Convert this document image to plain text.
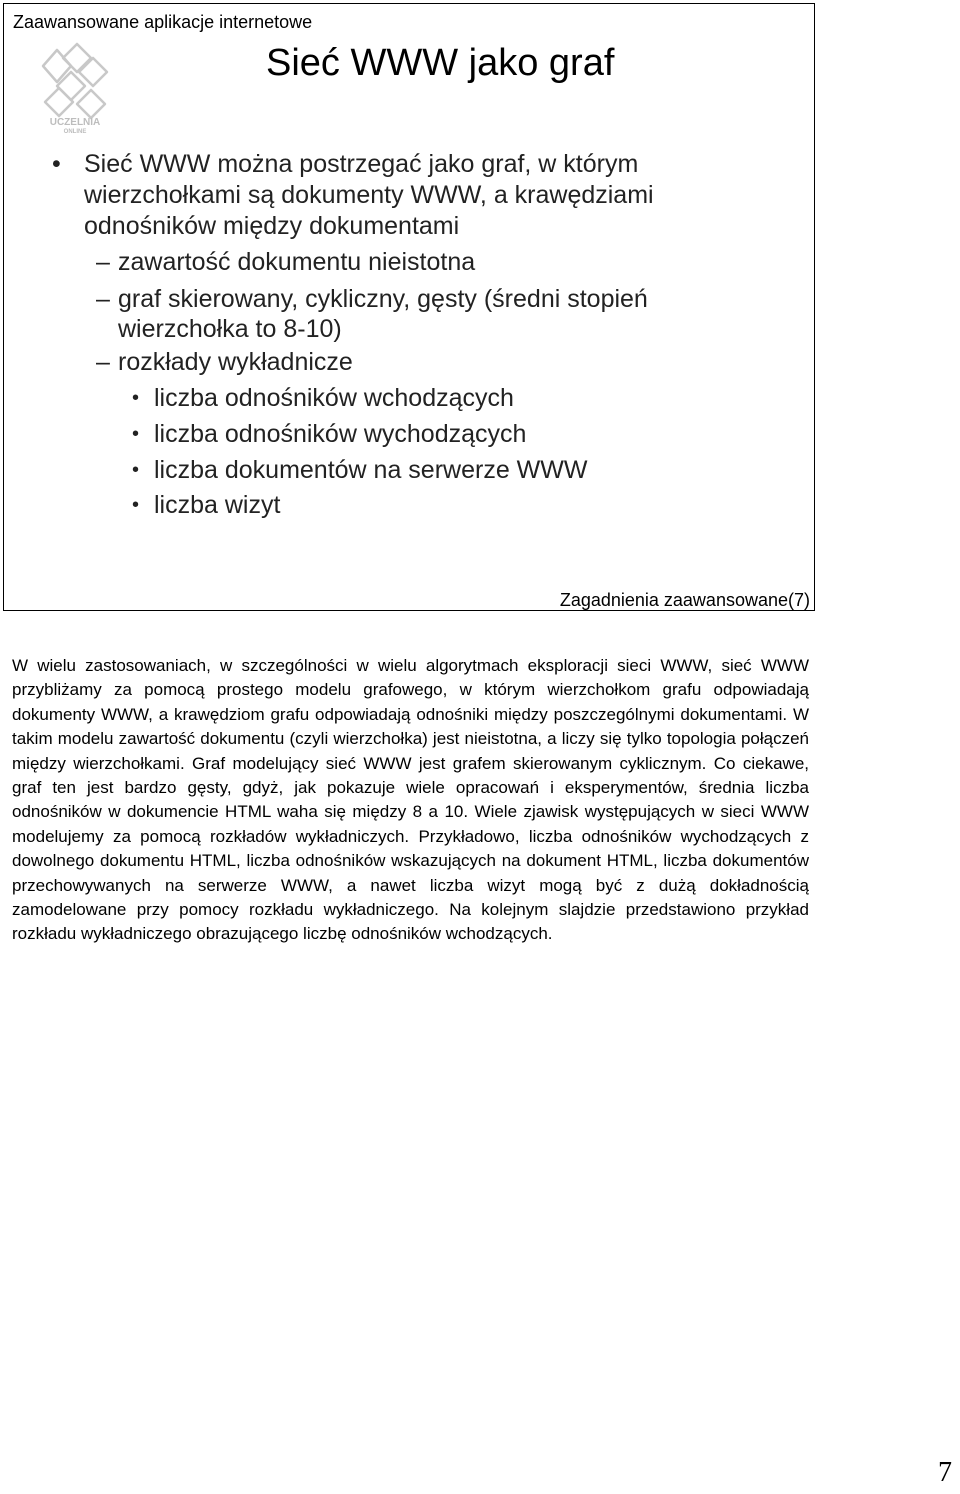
Zaawansowane aplikacje internetowe
UCZELNIA
ONLINE
Sieć WWW jako graf
• Sieć WWW można postrzegać jako graf, w którym
wierzchołkami są dokumenty WWW, a krawędziami
odnośników między dokumentami
– zawartość dokumentu nieistotna
– graf skierowany, cykliczny, gęsty (średni stopień
wierzchołka to 8-10)
– rozkłady wykładnicze
• liczba odnośników wchodzących
• liczba odnośników wychodzących
• liczba dokumentów na serwerze WWW
• liczba wizyt
Zagadnienia zaawansowane(7)

W wielu zastosowaniach, w szczególności w wielu algorytmach eksploracji sieci WWW, sieć WWW przybliżamy za pomocą prostego modelu grafowego, w którym wierzchołkom grafu odpowiadają dokumenty WWW, a krawędziom grafu odpowiadają odnośniki między poszczególnymi dokumentami. W takim modelu zawartość dokumentu (czyli wierzchołka) jest nieistotna, a liczy się tylko topologia połączeń między wierzchołkami. Graf modelujący sieć WWW jest grafem skierowanym cyklicznym. Co ciekawe, graf ten jest bardzo gęsty, gdyż, jak pokazuje wiele opracowań i eksperymentów, średnia liczba odnośników w dokumencie HTML waha się między 8 a 10. Wiele zjawisk występujących w sieci WWW modelujemy za pomocą rozkładów wykładniczych. Przykładowo, liczba odnośników wychodzących z dowolnego dokumentu HTML, liczba odnośników wskazujących na dokument HTML, liczba dokumentów przechowywanych na serwerze WWW, a nawet liczba wizyt mogą być z dużą dokładnością zamodelowane przy pomocy rozkładu wykładniczego. Na kolejnym slajdzie przedstawiono przykład rozkładu wykładniczego obrazującego liczbę odnośników wchodzących.

7
